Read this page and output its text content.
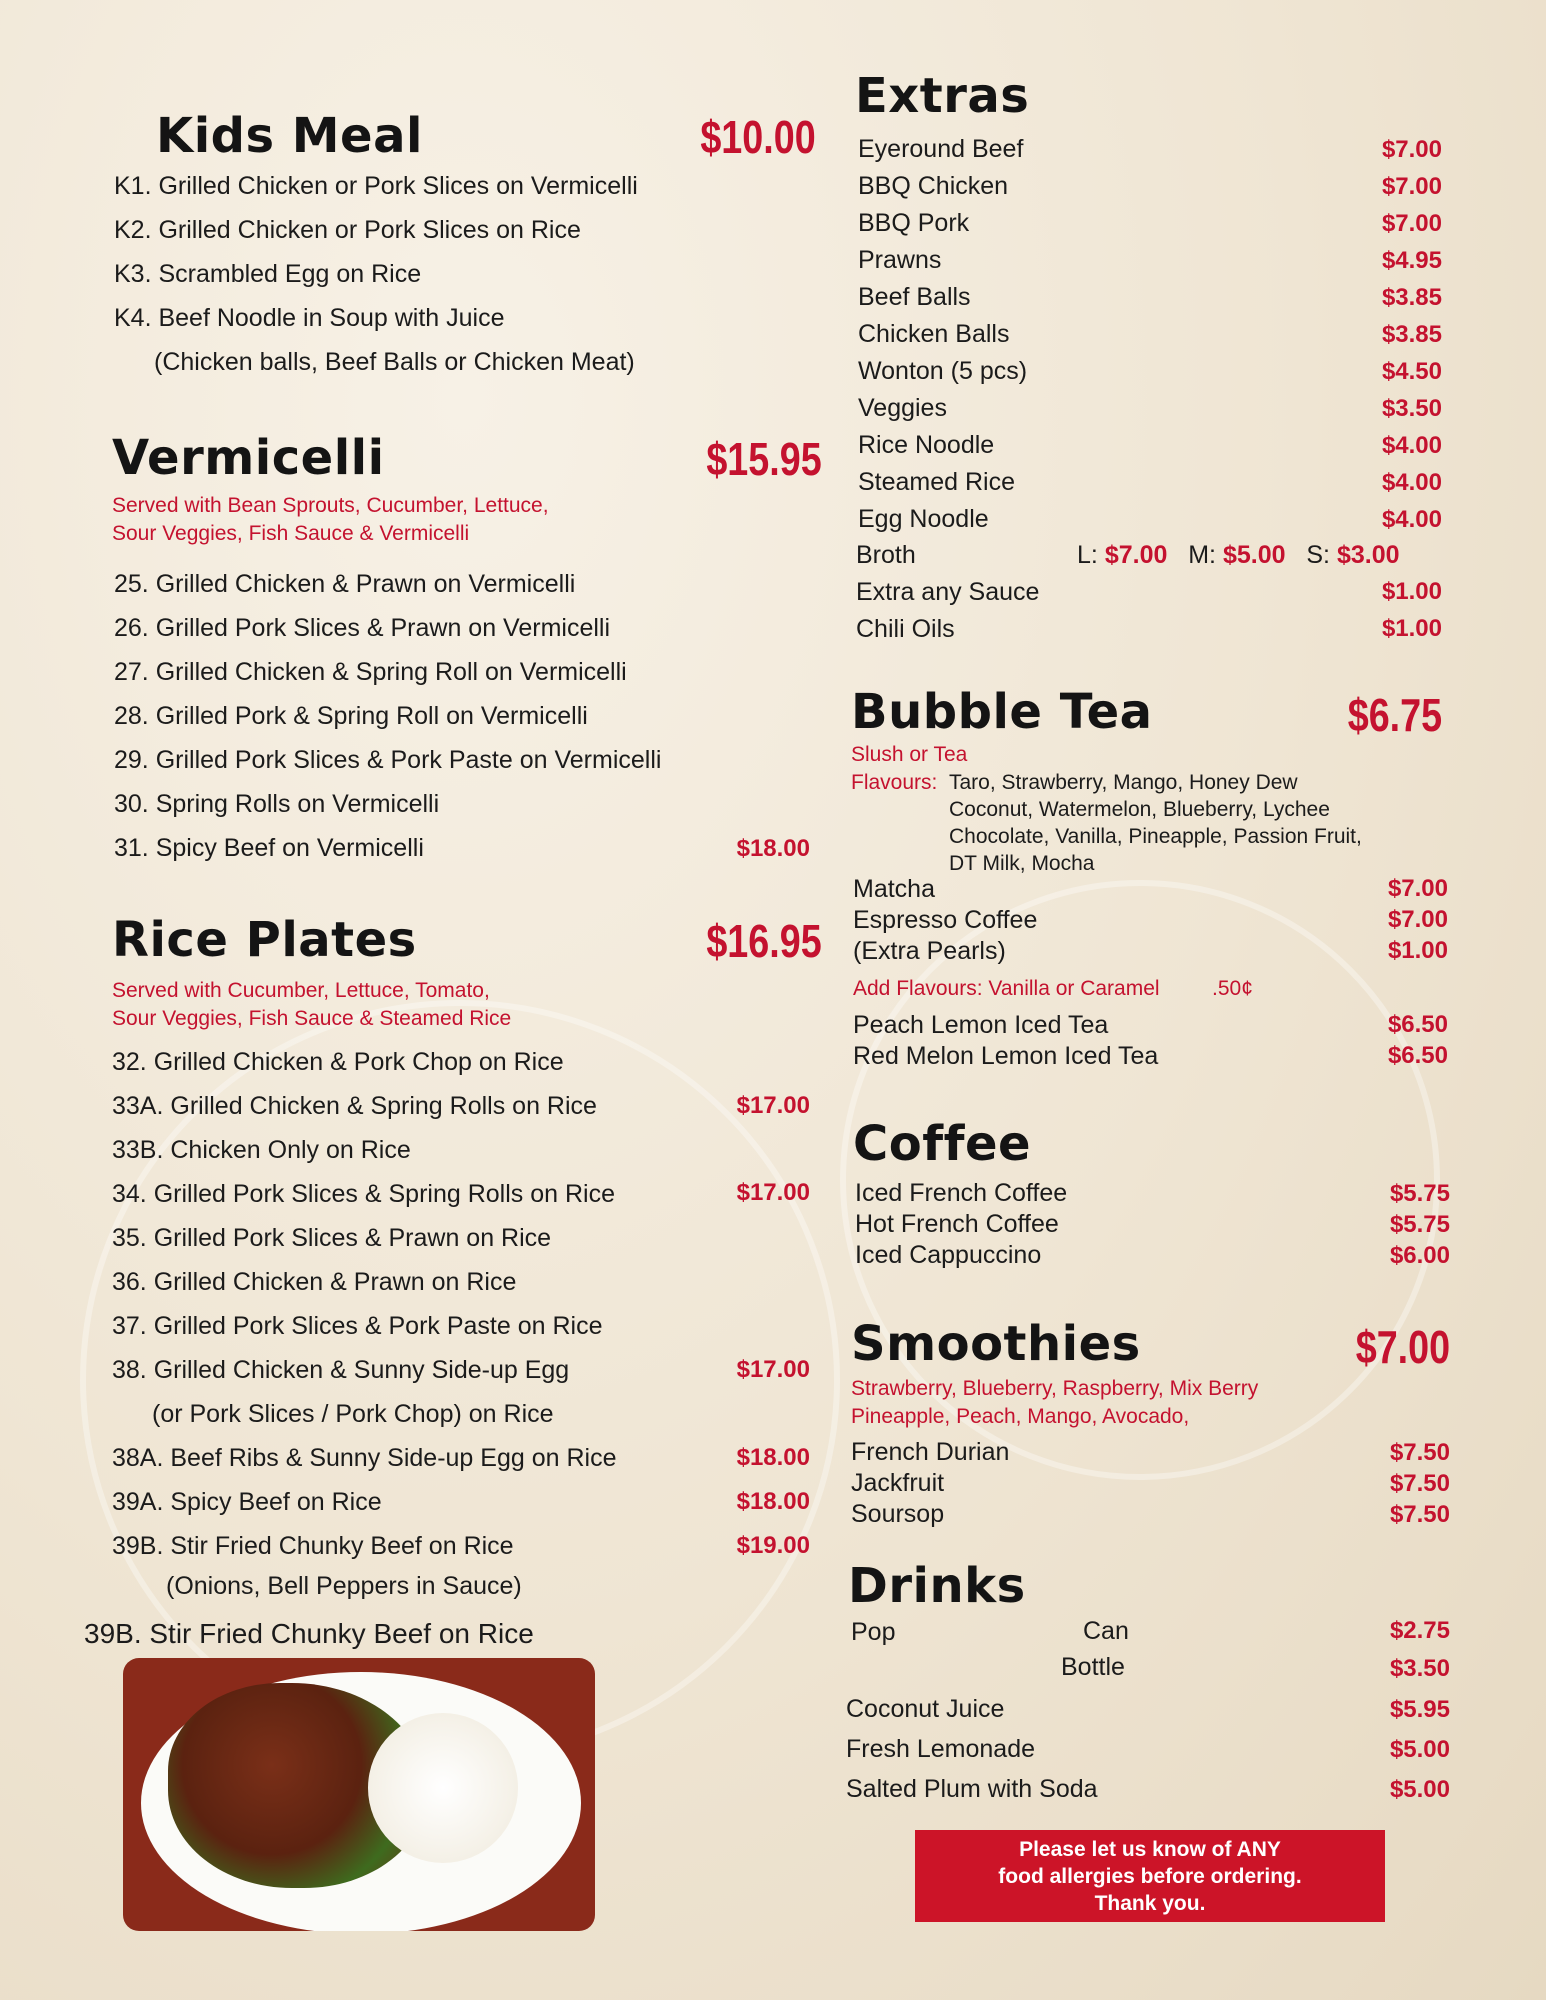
Kids Meal	$10.00
K1. Grilled Chicken or Pork Slices on Vermicelli
K2. Grilled Chicken or Pork Slices on Rice
K3. Scrambled Egg on Rice
K4. Beef Noodle in Soup with Juice
(Chicken balls, Beef Balls or Chicken Meat)
Vermicelli	$15.95
Served with Bean Sprouts, Cucumber, Lettuce,
Sour Veggies, Fish Sauce & Vermicelli
25. Grilled Chicken & Prawn on Vermicelli
26. Grilled Pork Slices & Prawn on Vermicelli
27. Grilled Chicken & Spring Roll on Vermicelli
28. Grilled Pork & Spring Roll on Vermicelli
29. Grilled Pork Slices & Pork Paste on Vermicelli
30. Spring Rolls on Vermicelli
31. Spicy Beef on Vermicelli	$18.00
Rice Plates	$16.95
Served with Cucumber, Lettuce, Tomato,
Sour Veggies, Fish Sauce & Steamed Rice
32. Grilled Chicken & Pork Chop on Rice
33A. Grilled Chicken & Spring Rolls on Rice	$17.00
33B. Chicken Only on Rice
34. Grilled Pork Slices & Spring Rolls on Rice	$17.00
35. Grilled Pork Slices & Prawn on Rice
36. Grilled Chicken & Prawn on Rice
37. Grilled Pork Slices & Pork Paste on Rice
38. Grilled Chicken & Sunny Side-up Egg	$17.00
(or Pork Slices / Pork Chop) on Rice
38A. Beef Ribs & Sunny Side-up Egg on Rice	$18.00
39A. Spicy Beef on Rice	$18.00
39B. Stir Fried Chunky Beef on Rice	$19.00
(Onions, Bell Peppers in Sauce)
39B. Stir Fried Chunky Beef on Rice
Extras
Eyeround Beef	$7.00
BBQ Chicken	$7.00
BBQ Pork	$7.00
Prawns	$4.95
Beef Balls	$3.85
Chicken Balls	$3.85
Wonton (5 pcs)	$4.50
Veggies	$3.50
Rice Noodle	$4.00
Steamed Rice	$4.00
Egg Noodle	$4.00
Broth	L: $7.00 M: $5.00 S: $3.00
Extra any Sauce	$1.00
Chili Oils	$1.00
Bubble Tea	$6.75
Slush or Tea
Flavours: Taro, Strawberry, Mango, Honey Dew
Coconut, Watermelon, Blueberry, Lychee
Chocolate, Vanilla, Pineapple, Passion Fruit,
DT Milk, Mocha
Matcha	$7.00
Espresso Coffee	$7.00
(Extra Pearls)	$1.00
Add Flavours: Vanilla or Caramel .50¢
Peach Lemon Iced Tea	$6.50
Red Melon Lemon Iced Tea	$6.50
Coffee
Iced French Coffee	$5.75
Hot French Coffee	$5.75
Iced Cappuccino	$6.00
Smoothies	$7.00
Strawberry, Blueberry, Raspberry, Mix Berry
Pineapple, Peach, Mango, Avocado,
French Durian	$7.50
Jackfruit	$7.50
Soursop	$7.50
Drinks
Pop	Can	$2.75
Bottle	$3.50
Coconut Juice	$5.95
Fresh Lemonade	$5.00
Salted Plum with Soda	$5.00
Please let us know of ANY
food allergies before ordering.
Thank you.
